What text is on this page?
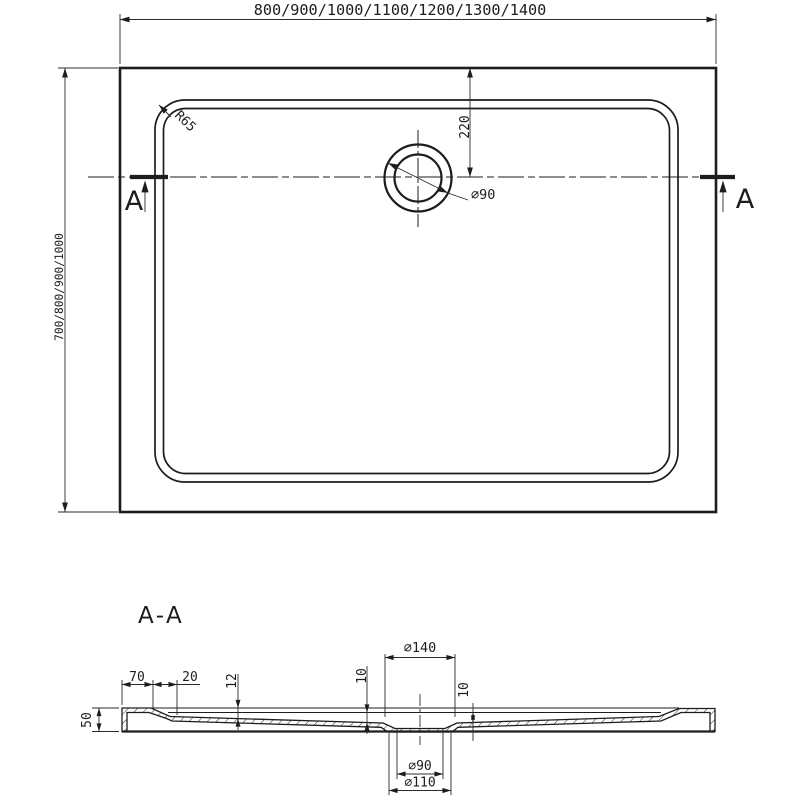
800/900/1000/1100/1200/1300/1400
700/800/900/1000
220
⌀90
R65
A	A
A-A
50
70	20 12	10
10
⌀140
⌀90
⌀110
